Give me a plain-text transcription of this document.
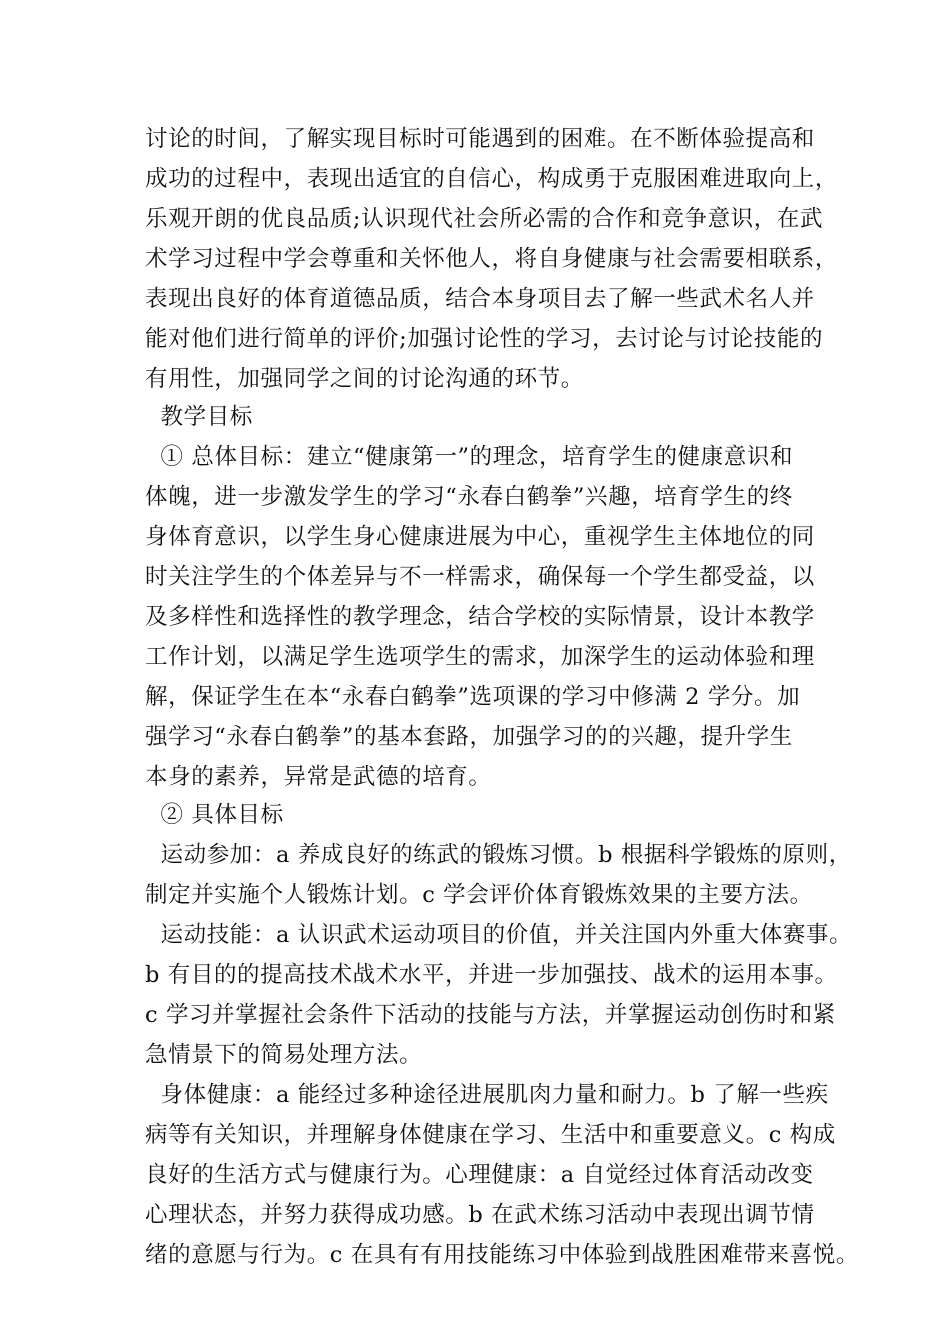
讨论的时间，了解实现目标时可能遇到的困难。在不断体验提高和
成功的过程中，表现出适宜的自信心，构成勇于克服困难进取向上，
乐观开朗的优良品质;认识现代社会所必需的合作和竞争意识，在武
术学习过程中学会尊重和关怀他人，将自身健康与社会需要相联系，
表现出良好的体育道德品质，结合本身项目去了解一些武术名人并
能对他们进行简单的评价;加强讨论性的学习，去讨论与讨论技能的
有用性，加强同学之间的讨论沟通的环节。
教学目标
① 总体目标：建立“健康第一”的理念，培育学生的健康意识和
体魄，进一步激发学生的学习“永春白鹤拳”兴趣，培育学生的终
身体育意识，以学生身心健康进展为中心，重视学生主体地位的同
时关注学生的个体差异与不一样需求，确保每一个学生都受益，以
及多样性和选择性的教学理念，结合学校的实际情景，设计本教学
工作计划，以满足学生选项学生的需求，加深学生的运动体验和理
解，保证学生在本“永春白鹤拳”选项课的学习中修满 2 学分。加
强学习“永春白鹤拳”的基本套路，加强学习的的兴趣，提升学生
本身的素养，异常是武德的培育。
② 具体目标
运动参加：a 养成良好的练武的锻炼习惯。b 根据科学锻炼的原则，
制定并实施个人锻炼计划。c 学会评价体育锻炼效果的主要方法。
运动技能：a 认识武术运动项目的价值，并关注国内外重大体赛事。
b 有目的的提高技术战术水平，并进一步加强技、战术的运用本事。
c 学习并掌握社会条件下活动的技能与方法，并掌握运动创伤时和紧
急情景下的简易处理方法。
身体健康：a 能经过多种途径进展肌肉力量和耐力。b 了解一些疾
病等有关知识，并理解身体健康在学习、生活中和重要意义。c 构成
良好的生活方式与健康行为。心理健康：a 自觉经过体育活动改变
心理状态，并努力获得成功感。b 在武术练习活动中表现出调节情
绪的意愿与行为。c 在具有有用技能练习中体验到战胜困难带来喜悦。
